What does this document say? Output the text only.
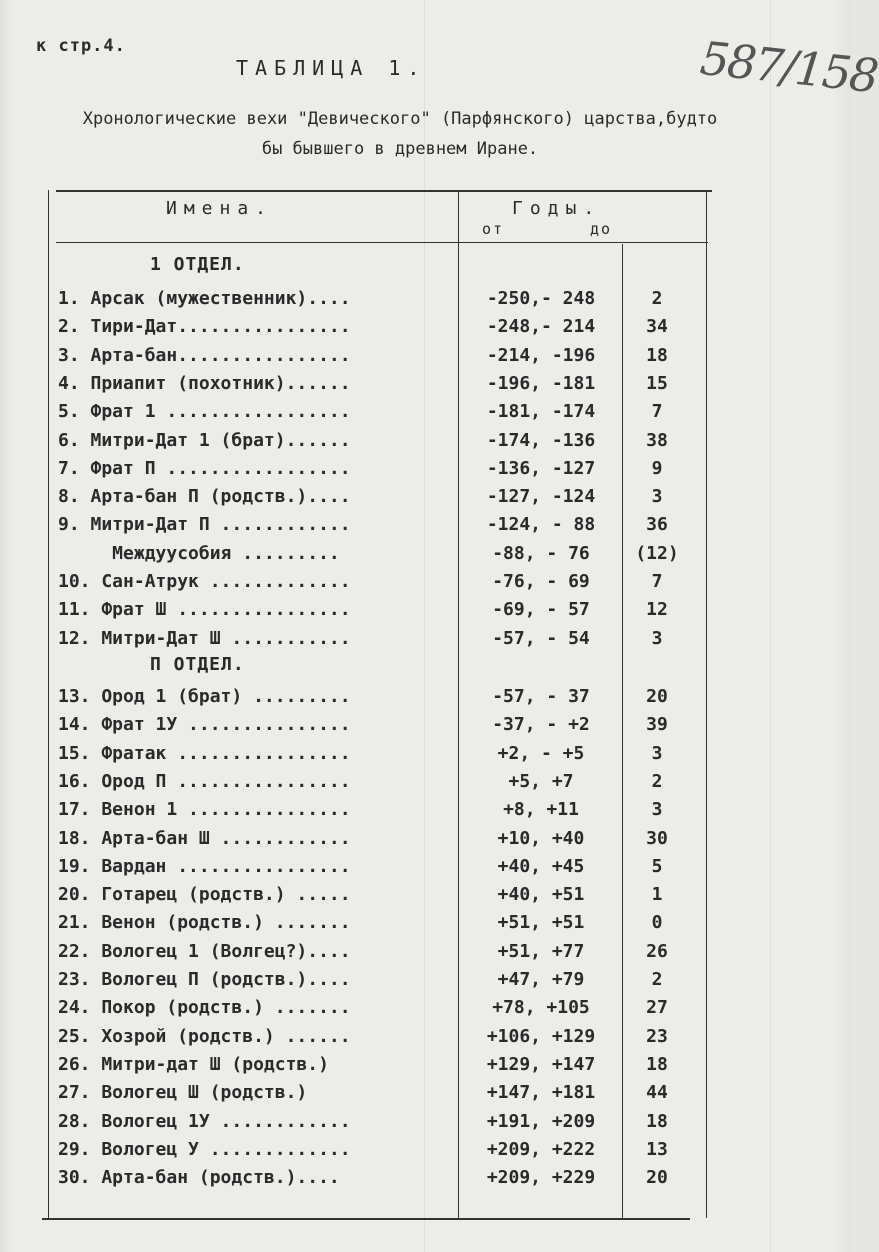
к стр.4.	587/158
ТАБЛИЦА 1.
Хронологические вехи "Девического" (Парфянского) царства,будто бы бывшего в древнем Иране.
Имена.	Годы.
от	до
1 ОТДЕЛ.
1. Арсак (мужественник)....	-250,- 248	2
2. Тири-Дат................	-248,- 214	34
3. Арта-бан................	-214, -196	18
4. Приапит (похотник)......	-196, -181	15
5. Фрат 1 .................	-181, -174	7
6. Митри-Дат 1 (брат)......	-174, -136	38
7. Фрат П .................	-136, -127	9
8. Арта-бан П (родств.)....	-127, -124	3
9. Митри-Дат П ............	-124, - 88	36
Междуусобия .........	-88, - 76	(12)
10. Сан-Атрук .............	-76, - 69	7
11. Фрат Ш ................	-69, - 57	12
12. Митри-Дат Ш ...........	-57, - 54	3
П ОТДЕЛ.
13. Ород 1 (брат) .........	-57, - 37	20
14. Фрат 1У ...............	-37, - +2	39
15. Фратак ................	+2, - +5	3
16. Ород П ................	+5, +7	2
17. Венон 1 ...............	+8, +11	3
18. Арта-бан Ш ............	+10, +40	30
19. Вардан ................	+40, +45	5
20. Готарец (родств.) .....	+40, +51	1
21. Венон (родств.) .......	+51, +51	0
22. Вологец 1 (Волгец?)....	+51, +77	26
23. Вологец П (родств.)....	+47, +79	2
24. Покор (родств.) .......	+78, +105	27
25. Хозрой (родств.) ......	+106, +129	23
26. Митри-дат Ш (родств.)	+129, +147	18
27. Вологец Ш (родств.)	+147, +181	44
28. Вологец 1У ............	+191, +209	18
29. Вологец У .............	+209, +222	13
30. Арта-бан (родств.)....	+209, +229	20
